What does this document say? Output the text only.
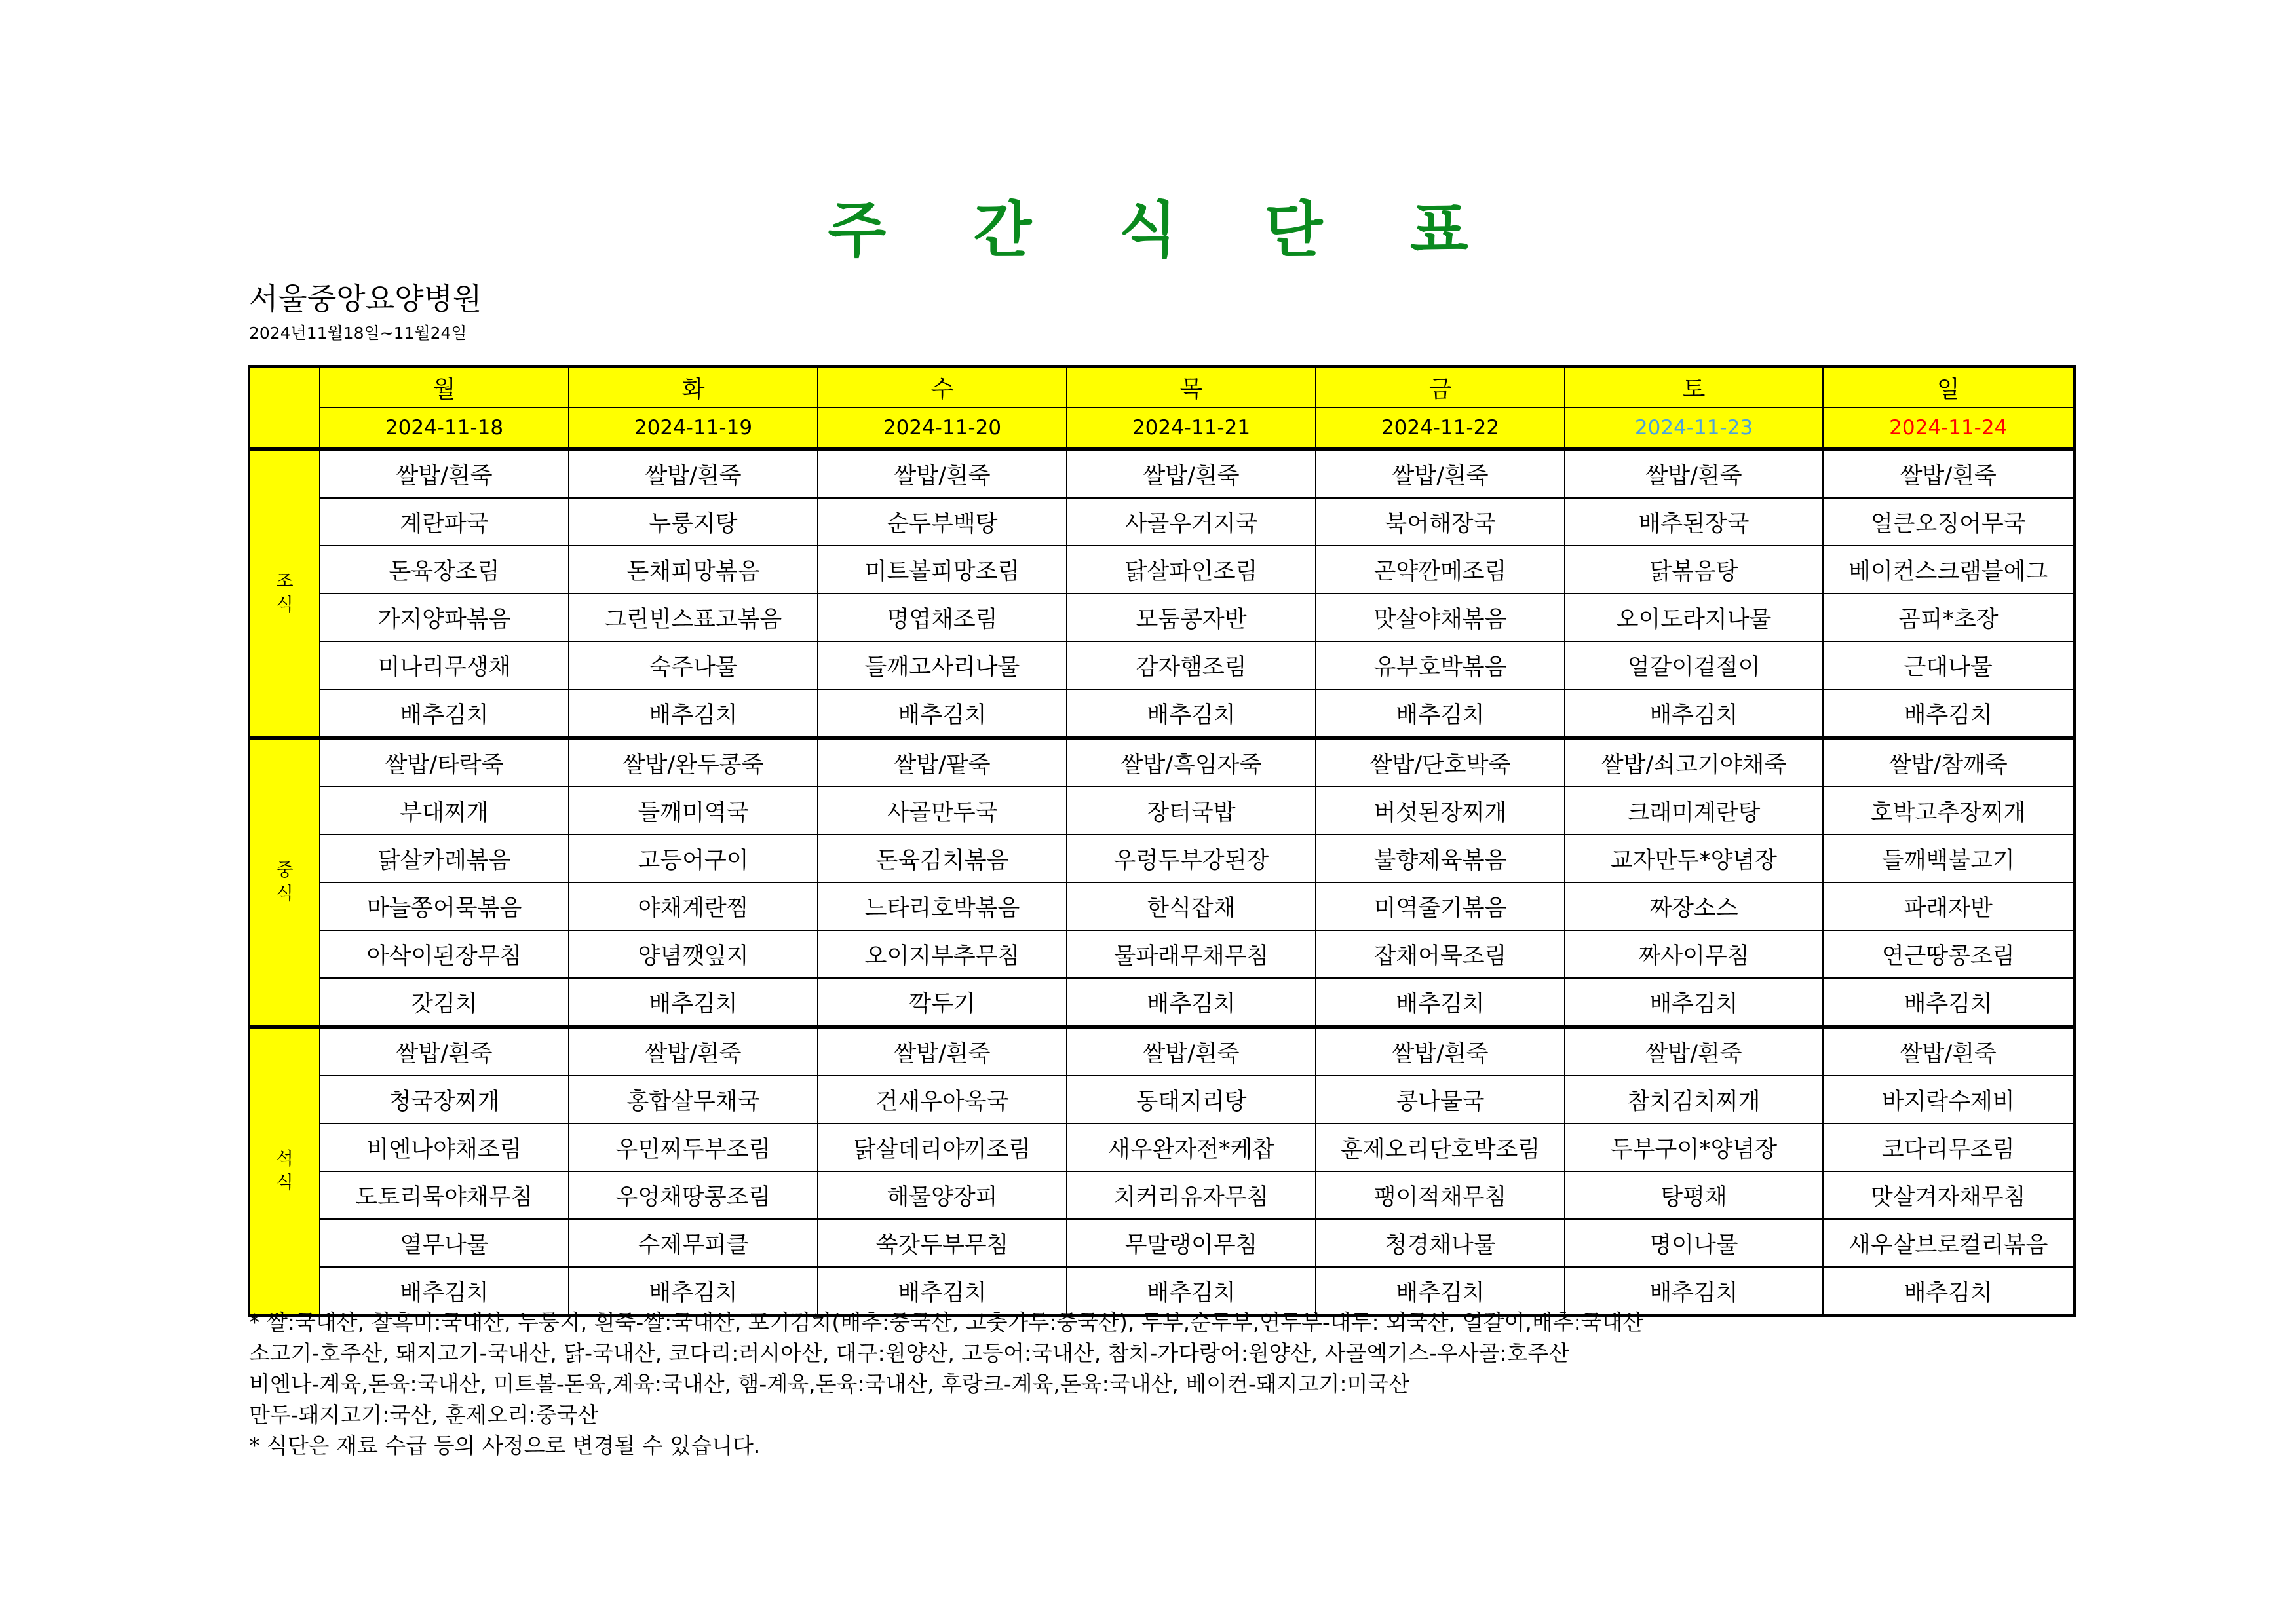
주 간 식 단 표
서울중앙요양병원
2024년11월18일~11월24일
	월	화	수	목	금	토	일
	2024-11-18	2024-11-19	2024-11-20	2024-11-21	2024-11-22	2024-11-23	2024-11-24
조
식	쌀밥/흰죽	쌀밥/흰죽	쌀밥/흰죽	쌀밥/흰죽	쌀밥/흰죽	쌀밥/흰죽	쌀밥/흰죽
	계란파국	누룽지탕	순두부백탕	사골우거지국	북어해장국	배추된장국	얼큰오징어무국
	돈육장조림	돈채피망볶음	미트볼피망조림	닭살파인조림	곤약깐메조림	닭볶음탕	베이컨스크램블에그
	가지양파볶음	그린빈스표고볶음	명엽채조림	모둠콩자반	맛살야채볶음	오이도라지나물	곰피*초장
	미나리무생채	숙주나물	들깨고사리나물	감자햄조림	유부호박볶음	얼갈이겉절이	근대나물
	배추김치	배추김치	배추김치	배추김치	배추김치	배추김치	배추김치
중
식	쌀밥/타락죽	쌀밥/완두콩죽	쌀밥/팥죽	쌀밥/흑임자죽	쌀밥/단호박죽	쌀밥/쇠고기야채죽	쌀밥/참깨죽
	부대찌개	들깨미역국	사골만두국	장터국밥	버섯된장찌개	크래미계란탕	호박고추장찌개
	닭살카레볶음	고등어구이	돈육김치볶음	우렁두부강된장	불향제육볶음	교자만두*양념장	들깨백불고기
	마늘쫑어묵볶음	야채계란찜	느타리호박볶음	한식잡채	미역줄기볶음	짜장소스	파래자반
	아삭이된장무침	양념깻잎지	오이지부추무침	물파래무채무침	잡채어묵조림	짜사이무침	연근땅콩조림
	갓김치	배추김치	깍두기	배추김치	배추김치	배추김치	배추김치
석
식	쌀밥/흰죽	쌀밥/흰죽	쌀밥/흰죽	쌀밥/흰죽	쌀밥/흰죽	쌀밥/흰죽	쌀밥/흰죽
	청국장찌개	홍합살무채국	건새우아욱국	동태지리탕	콩나물국	참치김치찌개	바지락수제비
	비엔나야채조림	우민찌두부조림	닭살데리야끼조림	새우완자전*케찹	훈제오리단호박조림	두부구이*양념장	코다리무조림
	도토리묵야채무침	우엉채땅콩조림	해물양장피	치커리유자무침	팽이적채무침	탕평채	맛살겨자채무침
	열무나물	수제무피클	쑥갓두부무침	무말랭이무침	청경채나물	명이나물	새우살브로컬리볶음
	배추김치	배추김치	배추김치	배추김치	배추김치	배추김치	배추김치
* 쌀:국내산, 찰흑미:국내산, 누룽지, 흰죽-쌀:국내산, 포기김치(배추:중국산, 고춧가루:중국산), 두부,순두부,연두부-대두: 외국산, 얼갈이,배추:국내산
소고기-호주산, 돼지고기-국내산, 닭-국내산, 코다리:러시아산, 대구:원양산, 고등어:국내산, 참치-가다랑어:원양산, 사골엑기스-우사골:호주산
비엔나-계육,돈육:국내산, 미트볼-돈육,계육:국내산, 햄-계육,돈육:국내산, 후랑크-계육,돈육:국내산, 베이컨-돼지고기:미국산
만두-돼지고기:국산, 훈제오리:중국산
* 식단은 재료 수급 등의 사정으로 변경될 수 있습니다.
